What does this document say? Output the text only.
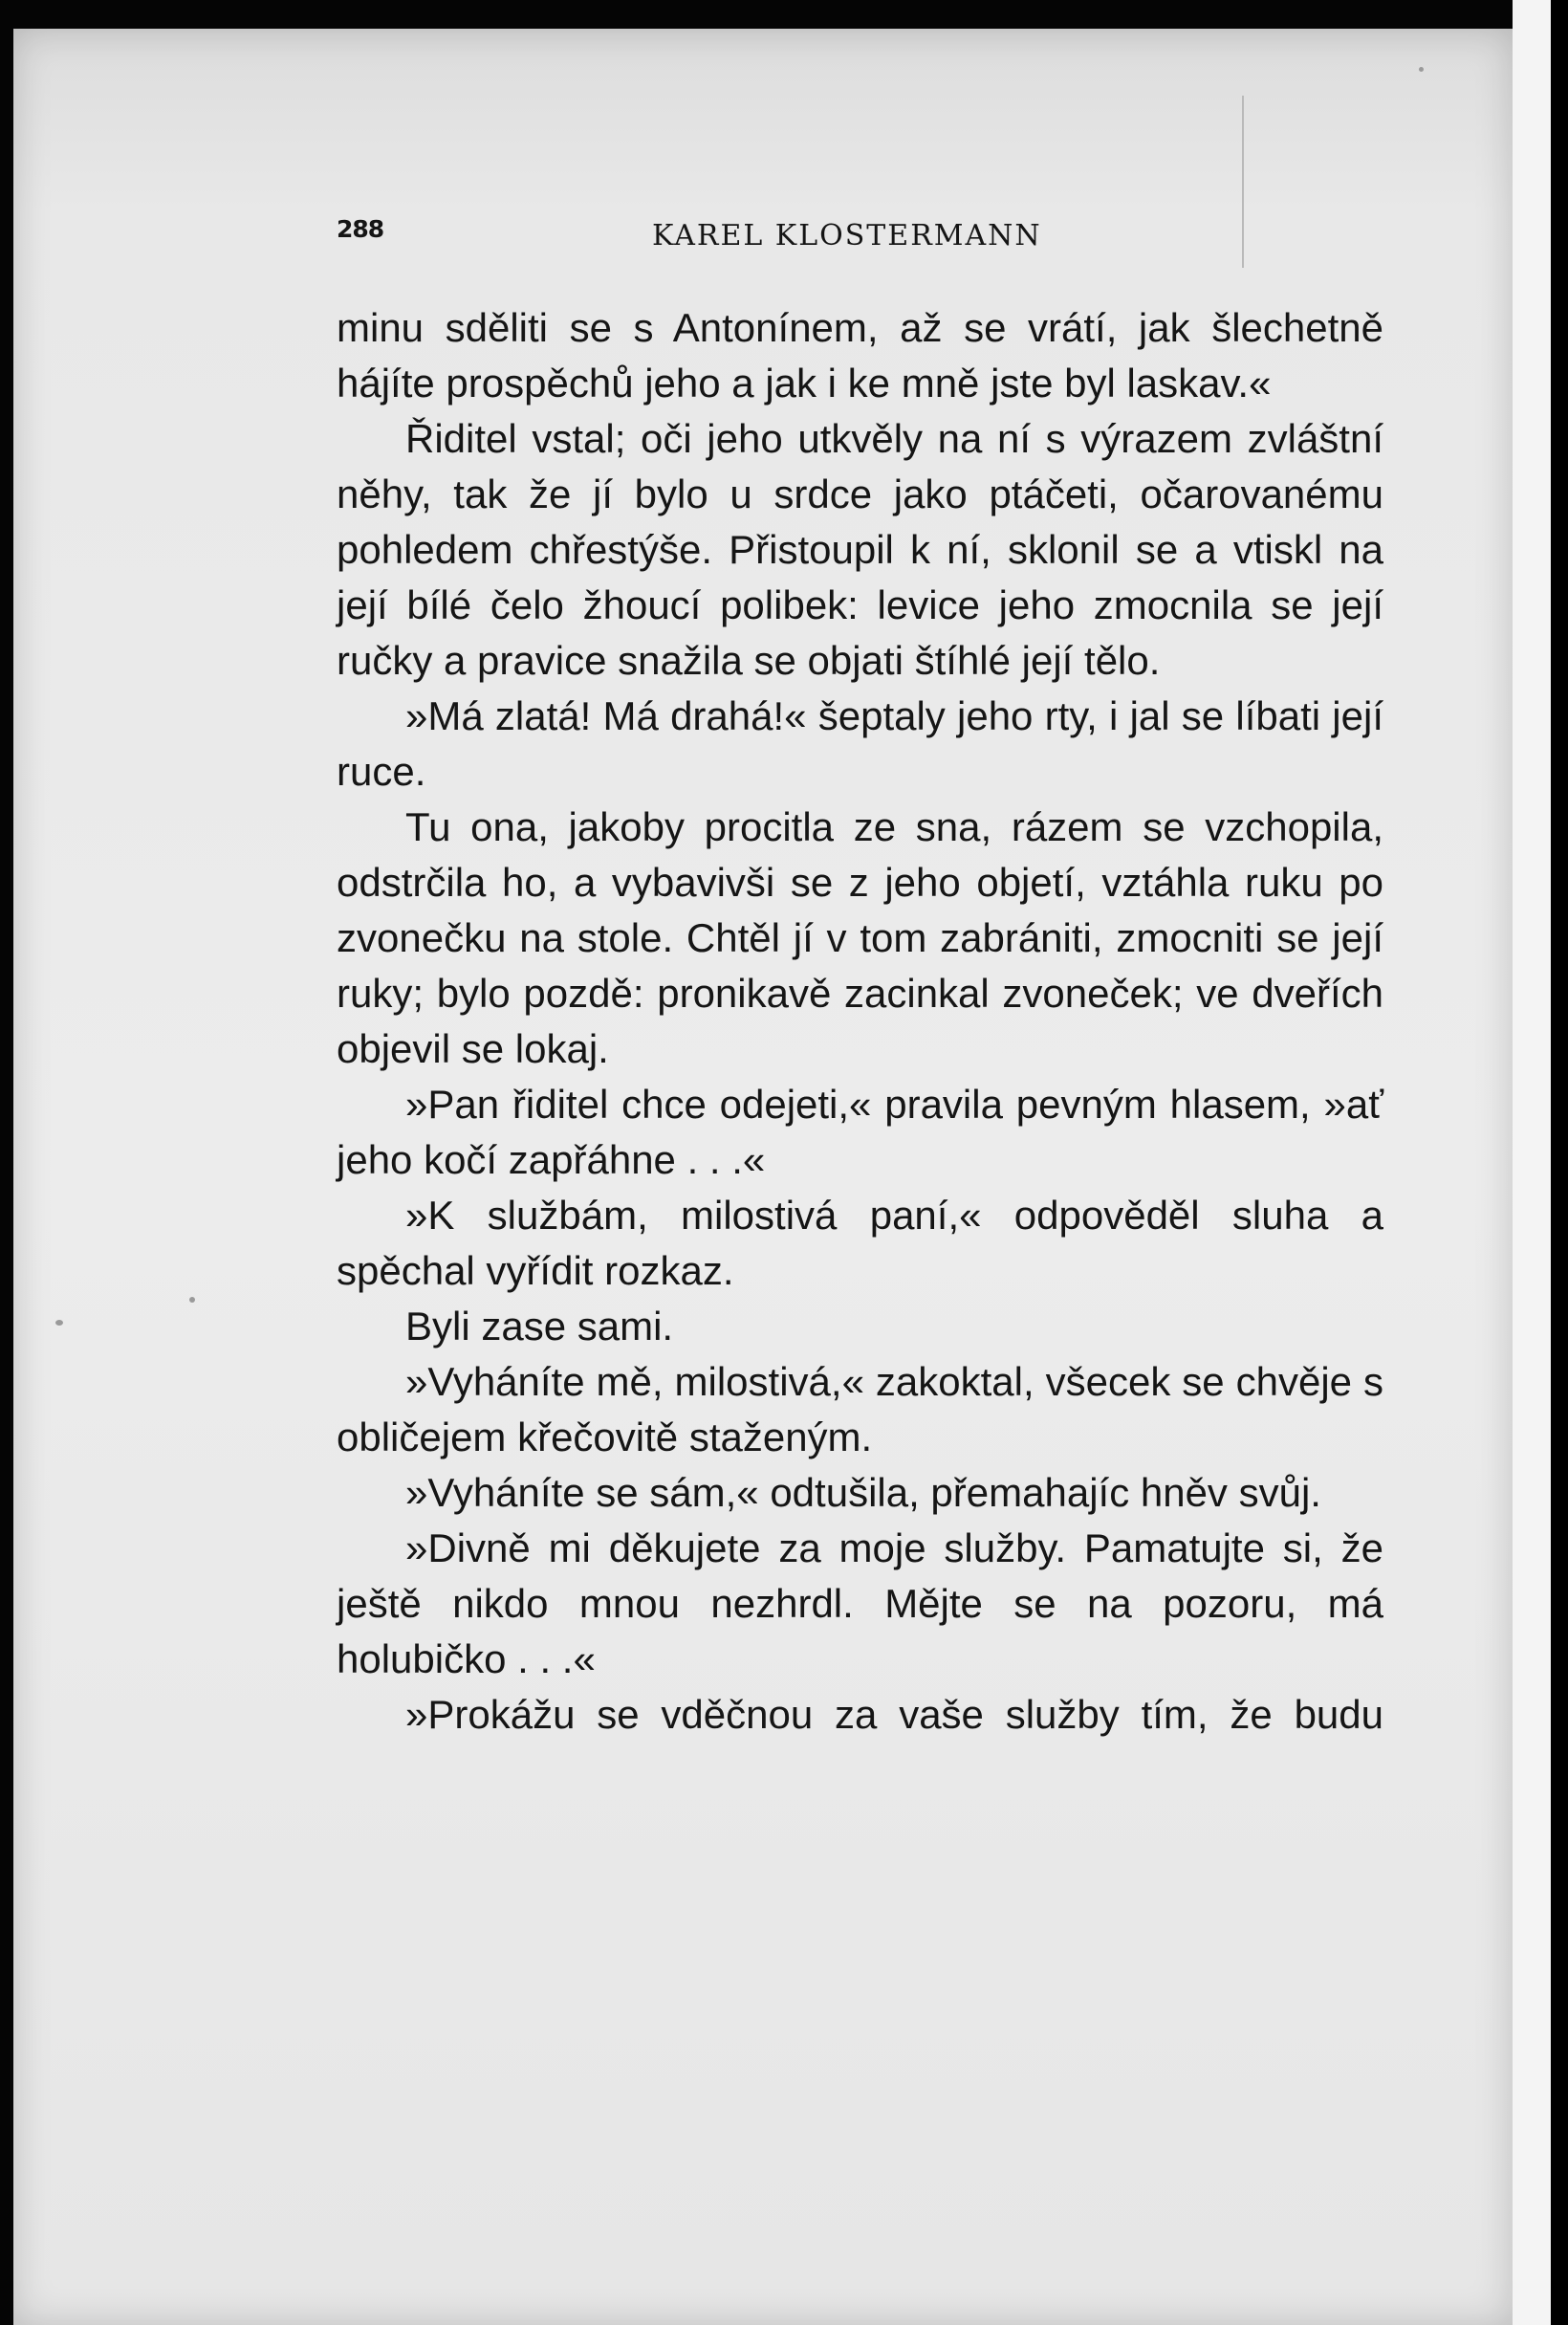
288	KAREL KLOSTERMANN

minu sděliti se s Antonínem, až se vrátí, jak šlechetně hájíte prospěchů jeho a jak i ke mně jste byl laskav.«

Řiditel vstal; oči jeho utkvěly na ní s výrazem zvláštní něhy, tak že jí bylo u srdce jako ptáčeti, očarovanému pohledem chřestýše. Přistoupil k ní, sklonil se a vtiskl na její bílé čelo žhoucí polibek: levice jeho zmocnila se její ručky a pravice snažila se objati štíhlé její tělo.

»Má zlatá! Má drahá!« šeptaly jeho rty, i jal se líbati její ruce.

Tu ona, jakoby procitla ze sna, rázem se vzchopila, odstrčila ho, a vybavivši se z jeho objetí, vztáhla ruku po zvonečku na stole. Chtěl jí v tom zabrániti, zmocniti se její ruky; bylo pozdě: pronikavě zacinkal zvoneček; ve dveřích objevil se lokaj.

»Pan řiditel chce odejeti,« pravila pevným hlasem, »ať jeho kočí zapřáhne . . .«

»K službám, milostivá paní,« odpověděl sluha a spěchal vyřídit rozkaz.

Byli zase sami.

»Vyháníte mě, milostivá,« zakoktal, všecek se chvěje s obličejem křečovitě staženým.

»Vyháníte se sám,« odtušila, přemahajíc hněv svůj.

»Divně mi děkujete za moje služby. Pamatujte si, že ještě nikdo mnou nezhrdl. Mějte se na pozoru, má holubičko . . .«

»Prokážu se vděčnou za vaše služby tím, že budu
